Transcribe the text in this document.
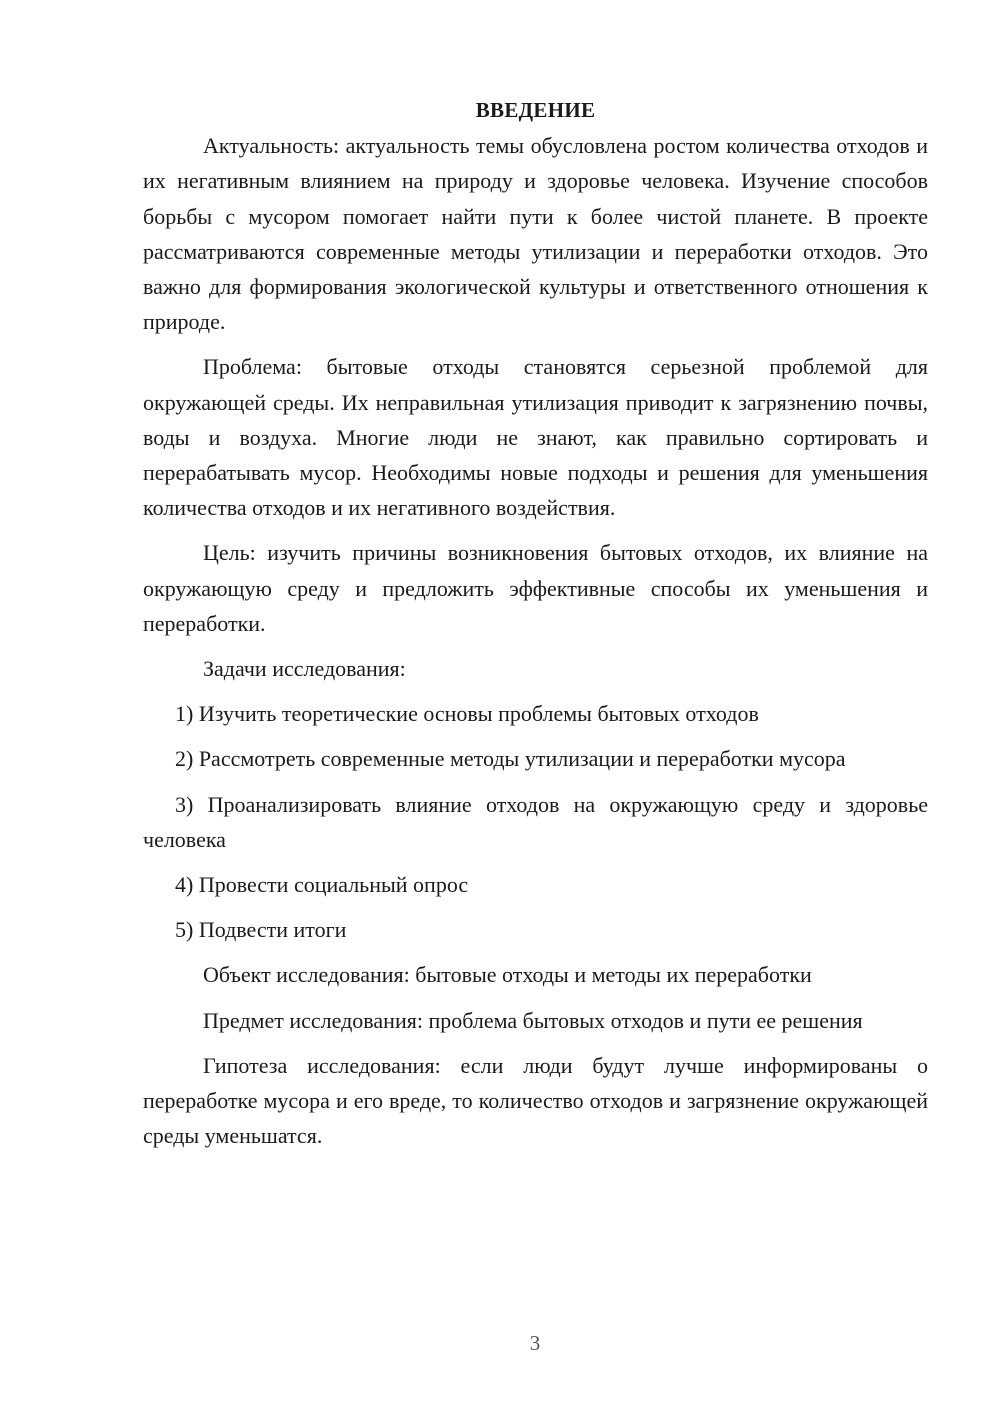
ВВЕДЕНИЕ

Актуальность: актуальность темы обусловлена ростом количества отходов и их негативным влиянием на природу и здоровье человека. Изучение способов борьбы с мусором помогает найти пути к более чистой планете. В проекте рассматриваются современные методы утилизации и переработки отходов. Это важно для формирования экологической культуры и ответственного отношения к природе.

Проблема: бытовые отходы становятся серьезной проблемой для окружающей среды. Их неправильная утилизация приводит к загрязнению почвы, воды и воздуха. Многие люди не знают, как правильно сортировать и перерабатывать мусор. Необходимы новые подходы и решения для уменьшения количества отходов и их негативного воздействия.

Цель: изучить причины возникновения бытовых отходов, их влияние на окружающую среду и предложить эффективные способы их уменьшения и переработки.

Задачи исследования:

1) Изучить теоретические основы проблемы бытовых отходов

2) Рассмотреть современные методы утилизации и переработки мусора

3) Проанализировать влияние отходов на окружающую среду и здоровье человека

4) Провести социальный опрос

5) Подвести итоги

Объект исследования: бытовые отходы и методы их переработки

Предмет исследования: проблема бытовых отходов и пути ее решения

Гипотеза исследования: если люди будут лучше информированы о переработке мусора и его вреде, то количество отходов и загрязнение окружающей среды уменьшатся.

3
